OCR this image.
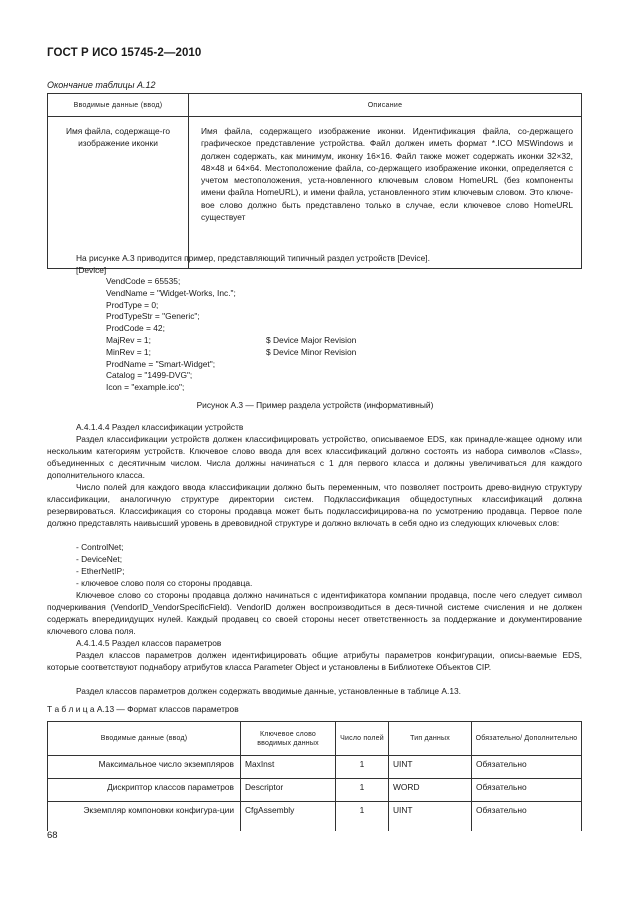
ГОСТ Р ИСО 15745-2—2010
Окончание таблицы А.12
Вводимые данные (ввод)	Описание
Имя файла, содержаще-го изображение иконки	Имя файла, содержащего изображение иконки. Идентификация файла, со-держащего графическое представление устройства. Файл должен иметь формат *.ICO MSWindows и должен содержать, как минимум, иконку 16×16. Файл также может содержать иконки 32×32, 48×48 и 64×64. Местоположение файла, со-держащего изображение иконки, определяется с учетом местоположения, уста-новленного ключевым словом HomeURL (без компоненты имени файла HomeURL), и имени файла, установленного этим ключевым словом. Это ключе-вое слово должно быть представлено только в случае, если ключевое слово HomeURL существует
На рисунке А.3 приводится пример, представляющий типичный раздел устройств [Device].
[Device]
VendCode = 65535;
VendName = "Widget-Works, Inc.";
ProdType = 0;
ProdTypeStr = "Generic";
ProdCode = 42;
MajRev = 1;	$ Device Major Revision
MinRev = 1;	$ Device Minor Revision
ProdName = "Smart-Widget";
Catalog = "1499-DVG";
Icon = "example.ico";
Рисунок А.3 — Пример раздела устройств (информативный)
А.4.1.4.4 Раздел классификации устройств
Раздел классификации устройств должен классифицировать устройство, описываемое EDS, как принадле-жащее одному или нескольким категориям устройств. Ключевое слово ввода для всех классификаций должно состоять из набора символов «Class», объединенных с десятичным числом. Числа должны начинаться с 1 для первого класса и должны увеличиваться для каждого дополнительного класса.
Число полей для каждого ввода классификации должно быть переменным, что позволяет построить древо-видную структуру классификации, аналогичную структуре директории систем. Подклассификация общедоступных классификаций должна резервироваться. Классификация со стороны продавца может быть подклассифицирова-на по усмотрению продавца. Первое поле должно представлять наивысший уровень в древовидной структуре и должно включать в себя одно из следующих ключевых слов:
- ControlNet;
- DeviceNet;
- EtherNetIP;
- ключевое слово поля со стороны продавца.
Ключевое слово со стороны продавца должно начинаться с идентификатора компании продавца, после чего следует символ подчеркивания (VendorID_VendorSpecificField). VendorID должен воспроизводиться в деся-тичной системе счисления и не должен содержать впередиидущих нулей. Каждый продавец со своей стороны несет ответственность за поддержание и документирование ключевого слова поля.
А.4.1.4.5 Раздел классов параметров
Раздел классов параметров должен идентифицировать общие атрибуты параметров конфигурации, описы-ваемые EDS, которые соответствуют поднабору атрибутов класса Parameter Object и установлены в Библиотеке Объектов CIP.
Раздел классов параметров должен содержать вводимые данные, установленные в таблице А.13.
Т а б л и ц а А.13 — Формат классов параметров
Вводимые данные (ввод)	Ключевое слово вводимых данных	Число полей	Тип данных	Обязательно/ Дополнительно
Максимальное число экземпляров	MaxInst	1	UINT	Обязательно
Дискриптор классов параметров	Descriptor	1	WORD	Обязательно
Экземпляр компоновки конфигура-ции	CfgAssembly	1	UINT	Обязательно
68
